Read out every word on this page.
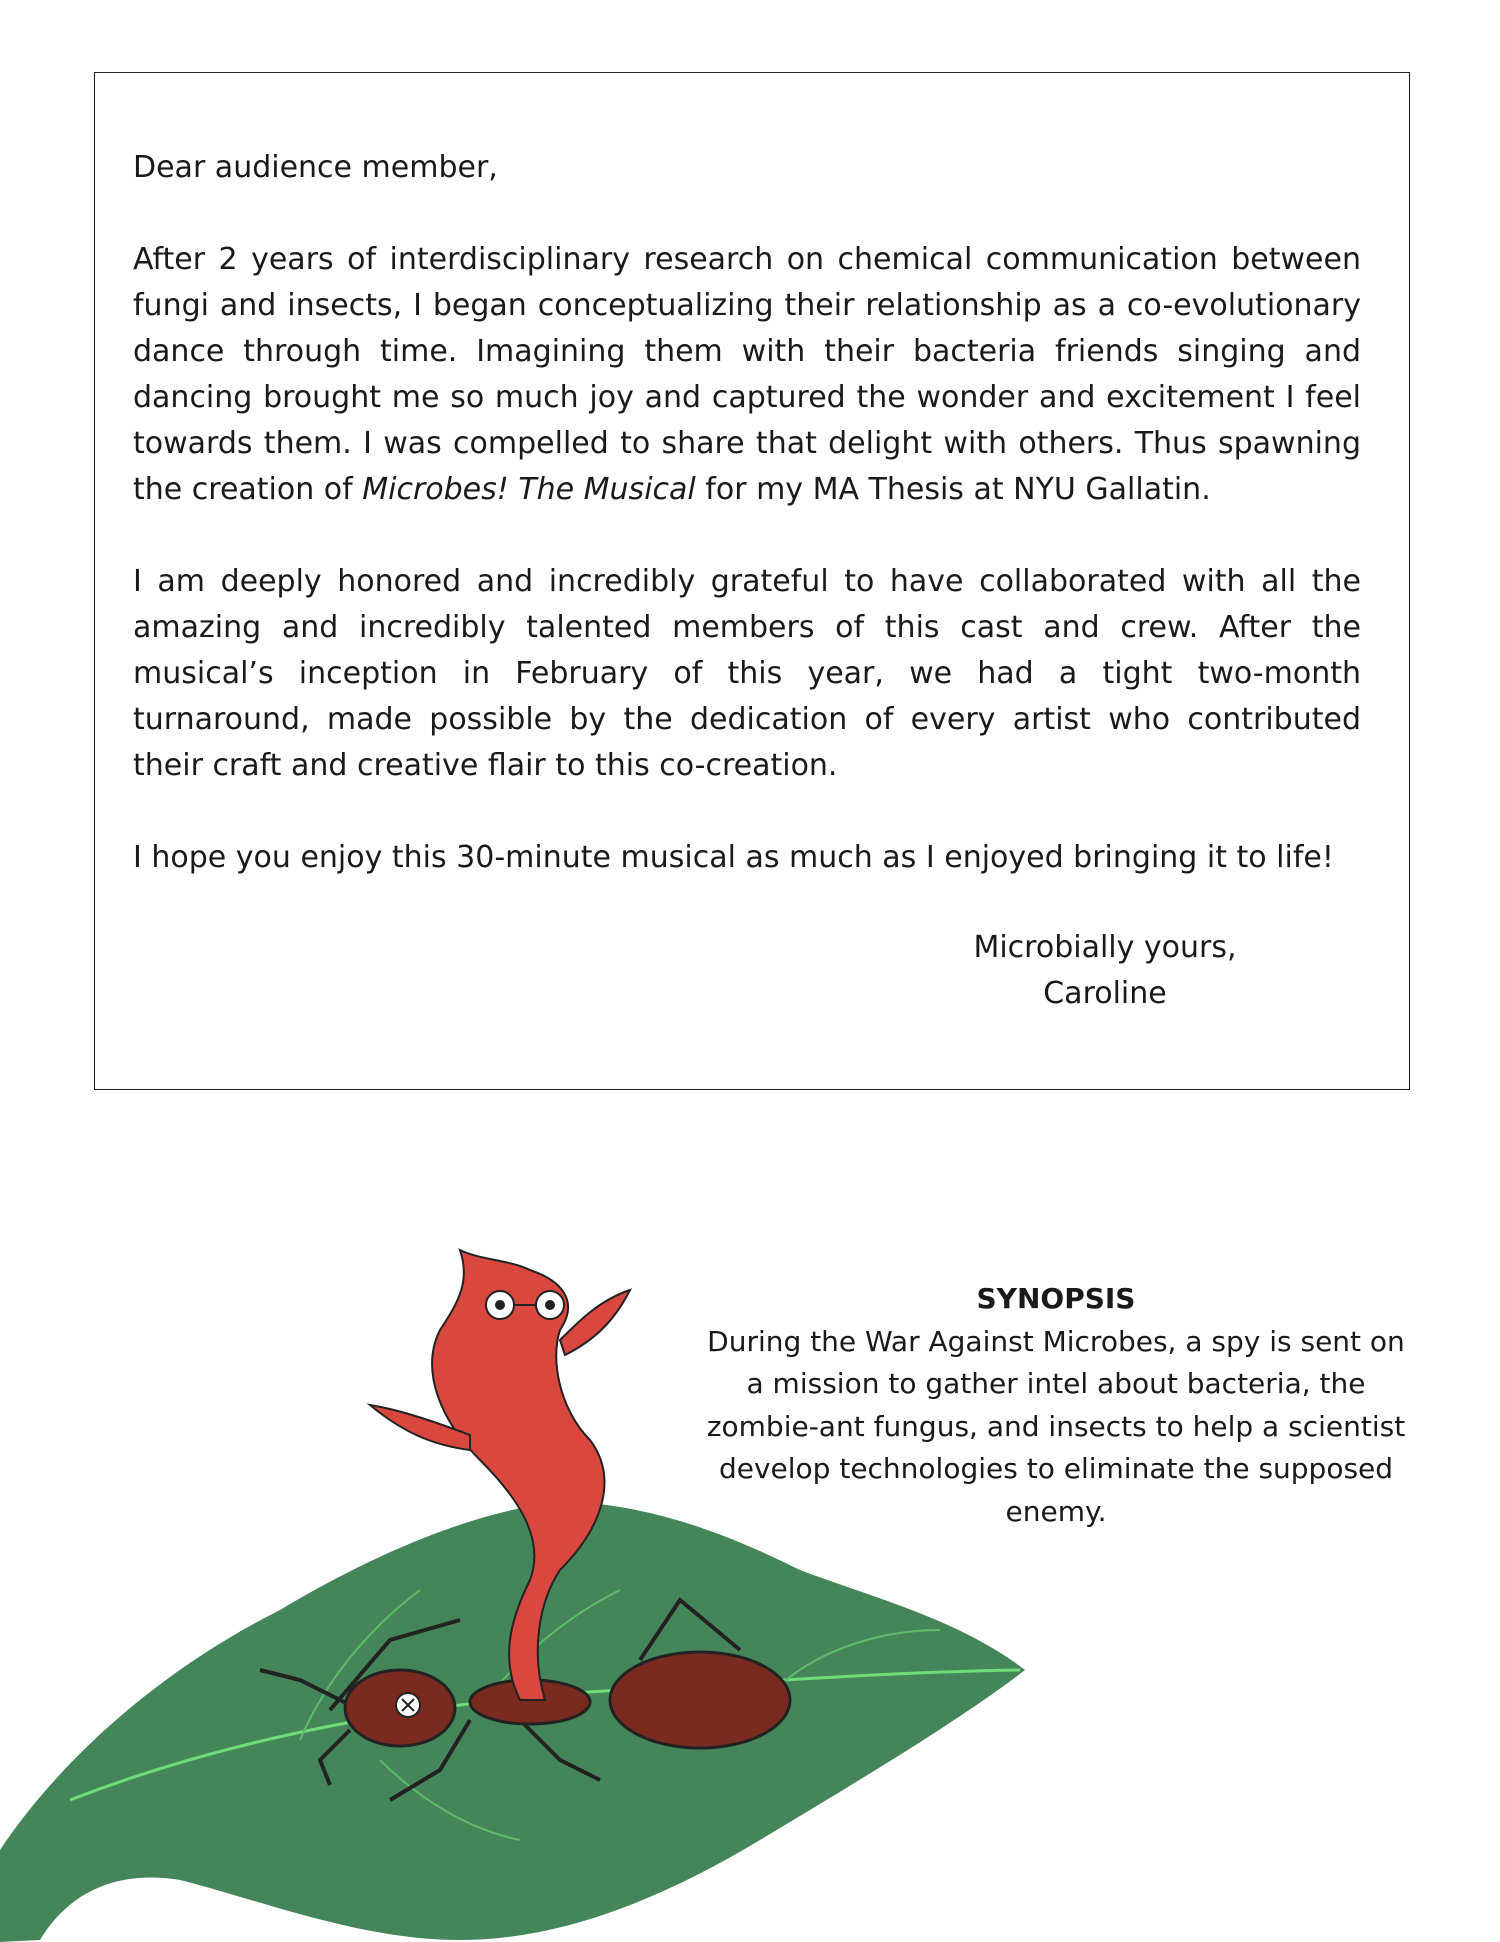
Dear audience member,

After 2 years of interdisciplinary research on chemical communication between fungi and insects, I began conceptualizing their relationship as a co-evolutionary dance through time. Imagining them with their bacteria friends singing and dancing brought me so much joy and captured the wonder and excitement I feel towards them. I was compelled to share that delight with others. Thus spawning the creation of Microbes! The Musical for my MA Thesis at NYU Gallatin.

I am deeply honored and incredibly grateful to have collaborated with all the amazing and incredibly talented members of this cast and crew. After the musical’s inception in February of this year, we had a tight two-month turnaround, made possible by the dedication of every artist who contributed their craft and creative flair to this co-creation.

I hope you enjoy this 30-minute musical as much as I enjoyed bringing it to life!

Microbially yours,
Caroline
SYNOPSIS
During the War Against Microbes, a spy is sent on a mission to gather intel about bacteria, the zombie-ant fungus, and insects to help a scientist develop technologies to eliminate the supposed enemy.
